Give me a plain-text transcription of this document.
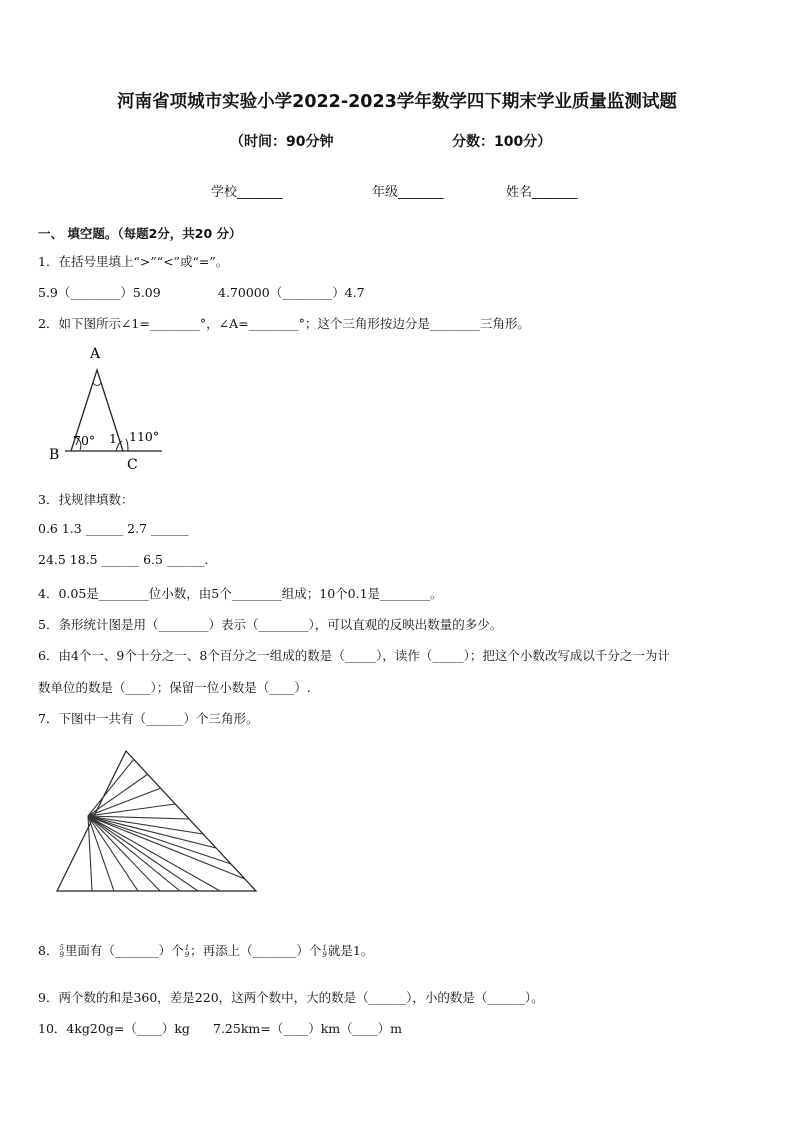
河南省项城市实验小学2022-2023学年数学四下期末学业质量监测试题
（时间：90分钟	分数：100分）
学校_______	年级_______	姓名_______
一、 填空题。（每题2分，共20 分）
1．在括号里填上“>”“<”或“=”。
5.9（________）5.09	4.70000（________）4.7
2．如下图所示∠1=________°，∠A=________°；这个三角形按边分是________三角形。
A
B
C
70° 1 110°
3．找规律填数：
0.6 1.3 ______ 2.7 ______
24.5 18.5 ______ 6.5 ______.
4．0.05是________位小数，由5个________组成；10个0.1是________。
5．条形统计图是用（________）表示（________），可以直观的反映出数量的多少。
6．由4个一、9个十分之一、8个百分之一组成的数是（_____），读作（_____）；把这个小数改写成以千分之一为计
数单位的数是（____）；保留一位小数是（____）.
7．下图中一共有（______）个三角形。
8． 5
9 里面有（_______）个 1
9 ；再添上（_______）个 1
9 就是1。
9．两个数的和是360，差是220，这两个数中，大的数是（______），小的数是（______）。
10．4kg20g=（____）kg 7.25km=（____）km（____）m
